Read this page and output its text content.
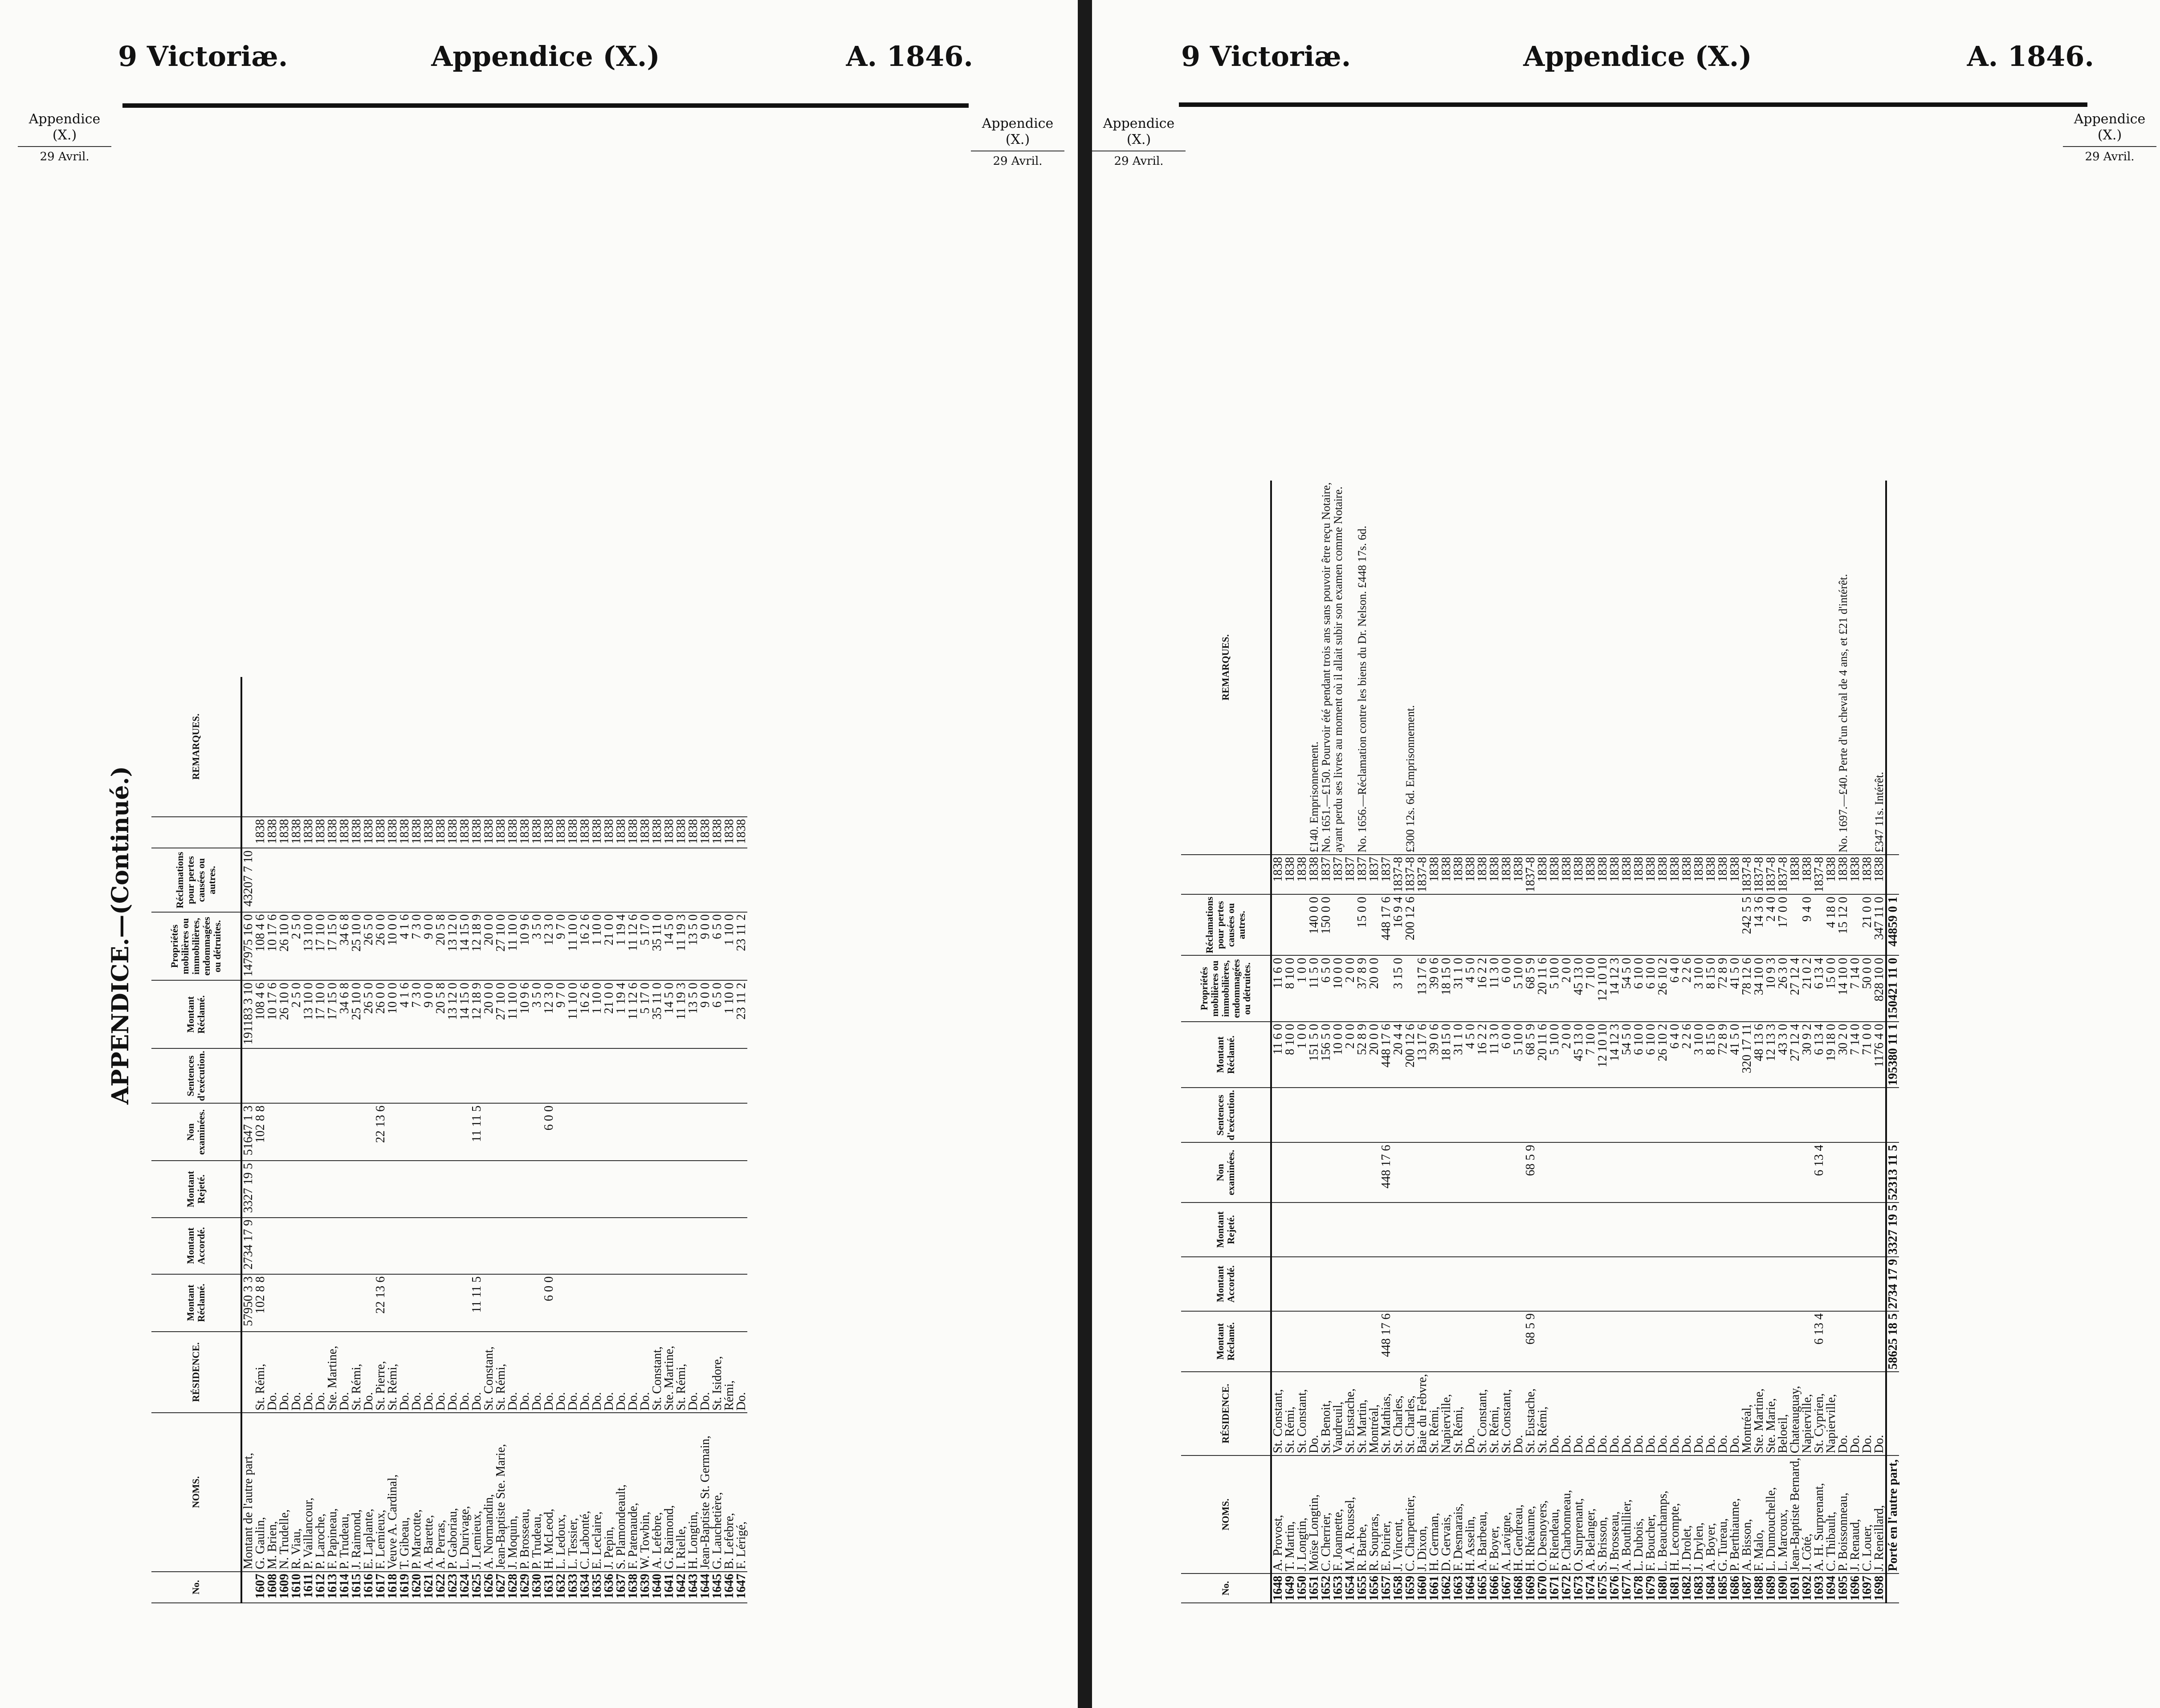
9 Victoriæ.	Appendice (X.)	A. 1846.
Appendice
(X.)
29 Avril.
Appendice
(X.)
29 Avril.
APPENDICE.—(Continué.)
No.	NOMS.	RÉSIDENCE.	Montant Réclamé.	Montant Accordé.	Montant Rejeté.	Non examinées.	Sentences d'exécution.	Montant Réclamé.	Propriétés mobilières ou immobilières, endommagées ou détruites.	Réclamations pour pertes causées ou autres.		REMARQUES.
	Montant de l'autre part,		57950 3 3	2734 17 9	3327 19 5	51647 1 3		191183 3 10	147975 16 0	43207 7 10		
1607	G. Gaulin,	St. Rémi,	102 8 8			102 8 8		108 4 6	108 4 6		1838	
1608	M. Brien,	Do.						10 17 6	10 17 6		1838	
1609	N. Trudelle,	Do.						26 10 0	26 10 0		1838	
1610	R. Viau,	Do.						2 5 0	2 5 0		1838	
1611	P. Vaillancour,	Do.						13 10 0	13 10 0		1838	
1612	P. Laroche,	Do.						17 10 0	17 10 0		1838	
1613	F. Papineau,	Ste. Martine,						17 15 0	17 15 0		1838	
1614	P. Trudeau,	Do.						34 6 8	34 6 8		1838	
1615	J. Raimond,	St. Rémi,						25 10 0	25 10 0		1838	
1616	E. Laplante,	Do.						26 5 0	26 5 0		1838	
1617	F. Lemieux,	St. Pierre,	22 13 6			22 13 6		26 0 0	26 0 0		1838	
1618	Veuve A. Cardinal,	St. Rémi,						10 0 0	10 0 0		1838	
1619	T. Gibeau,	Do.						4 1 6	4 1 6		1838	
1620	P. Marcotte,	Do.						7 3 0	7 3 0		1838	
1621	A. Barette,	Do.						9 0 0	9 0 0		1838	
1622	A. Perras,	Do.						20 5 8	20 5 8		1838	
1623	P. Gaboriau,	Do.						13 12 0	13 12 0		1838	
1624	L. Durivage,	Do.						14 15 0	14 15 0		1838	
1625	J. Lemieux,	Do.	11 11 5			11 11 5		12 18 9	12 18 9		1838	
1626	A. Normandin,	St. Constant,						20 0 0	20 0 0		1838	
1627	Jean-Baptiste Ste. Marie,	St. Rémi,						27 10 0	27 10 0		1838	
1628	J. Moquin,	Do.						11 10 0	11 10 0		1838	
1629	P. Brosseau,	Do.						10 9 6	10 9 6		1838	
1630	P. Trudeau,	Do.						3 5 0	3 5 0		1838	
1631	H. McLeod,	Do.	6 0 0			6 0 0		12 3 0	12 3 0		1838	
1632	L. Ledoux,	Do.						9 7 0	9 7 0		1838	
1633	L. Tessier,	Do.						11 10 0	11 10 0		1838	
1634	C. Labonté,	Do.						16 2 6	16 2 6		1838	
1635	E. Leclaire,	Do.						1 10 0	1 10 0		1838	
1636	J. Pepin,	Do.						21 0 0	21 0 0		1838	
1637	S. Plamondeault,	Do.						1 19 4	1 19 4		1838	
1638	F. Patenaude,	Do.						11 12 6	11 12 6		1838	
1639	W. Towbin,	Do.						5 17 0	5 17 0		1838	
1640	A. Lefebre,	St. Constant,						35 11 0	35 11 0		1838	
1641	G. Raimond,	Ste. Martine,						14 5 0	14 5 0		1838	
1642	I. Rielle,	St. Rémi,						11 19 3	11 19 3		1838	
1643	H. Longtin,	Do.						13 5 0	13 5 0		1838	
1644	Jean-Baptiste St. Germain,	Do.						9 0 0	9 0 0		1838	
1645	G. Lauchetière,	St. Isidore,						6 5 0	6 5 0		1838	
1646	B. Lefebre,	Rémi,						1 10 0	1 10 0		1838	
1647	F. Lérigé,	Do.						23 11 2	23 11 2		1838	
9 Victoriæ.	Appendice (X.)	A. 1846.
Appendice
(X.)
29 Avril.
Appendice
(X.)
29 Avril.
No.	NOMS.	RÉSIDENCE.	Montant Réclamé.	Montant Accordé.	Montant Rejeté.	Non examinées.	Sentences d'exécution.	Montant Réclamé.	Propriétés mobilières ou immobilières, endommagées ou détruites.	Réclamations pour pertes causées ou autres.		REMARQUES.
1648	A. Provost,	St. Constant,						11 6 0	11 6 0		1838	
1649	T. Martin,	St. Rémi,						8 10 0	8 10 0		1838	
1650	J. Longtin,	St. Constant,						1 0 0	1 0 0		1838	
1651	Moïse Longtin,	Do.						151 5 0	11 5 0	140 0 0	1838	£140. Emprisonnement.
1652	C. Cherrier,	St. Benoit,						156 5 0	6 5 0	150 0 0	1837	No. 1651.—£150. Pourvoir été pendant trois ans sans pouvoir être reçu Notaire,
1653	F. Joannette,	Vaudreuil,						10 0 0	10 0 0		1837	ayant perdu ses livres au moment où il allait subir son examen comme Notaire.
1654	M. A. Roussel,	St. Eustache,						2 0 0	2 0 0		1837	
1655	R. Barbe,	St. Martin,						52 8 9	37 8 9	15 0 0	1837	No. 1656.—Réclamation contre les biens du Dr. Nelson. £448 17s. 6d.
1656	R. Soupras,	Montréal,						20 0 0	20 0 0		1837	
1657	E. Poirier,	St. Mathias,	448 17 6			448 17 6		448 17 6		448 17 6	1837	
1658	J. Vincent,	St. Charles,						20 4 4	3 15 0	16 9 4	1837-8	
1659	C. Charpentier,	St. Charles,						200 12 6		200 12 6	1837-8	£300 12s. 6d. Emprisonnement.
1660	J. Dixon,	Baie du Febvre,						13 17 6	13 17 6		1837-8	
1661	H. German,	St. Rémi,						39 0 6	39 0 6		1838	
1662	D. Gervais,	Napierville,						18 15 0	18 15 0		1838	
1663	F. Desmarais,	St. Rémi,						31 1 0	31 1 0		1838	
1664	H. Asselin,	Do.						4 5 0	4 5 0		1838	
1665	A. Barbeau,	St. Constant,						16 2 2	16 2 2		1838	
1666	F. Boyer,	St. Rémi,						11 3 0	11 3 0		1838	
1667	A. Lavigne,	St. Constant,						6 0 0	6 0 0		1838	
1668	H. Gendreau,	Do.						5 10 0	5 10 0		1838	
1669	H. Rhéaume,	St. Eustache,	68 5 9			68 5 9		68 5 9	68 5 9		1837-8	
1670	O. Desnoyers,	St. Rémi,						20 11 6	20 11 6		1838	
1671	F. Riendeau,	Do.						5 10 0	5 10 0		1838	
1672	P. Charbonneau,	Do.						2 0 0	2 0 0		1838	
1673	O. Surprenant,	Do.						45 13 0	45 13 0		1838	
1674	A. Belanger,	Do.						7 10 0	7 10 0		1838	
1675	S. Brisson,	Do.						12 10 10	12 10 10		1838	
1676	J. Brosseau,	Do.						14 12 3	14 12 3		1838	
1677	A. Bouthillier,	Do.						54 5 0	54 5 0		1838	
1678	L. Dubois,	Do.						6 10 0	6 10 0		1838	
1679	F. Boucher,	Do.						6 10 0	6 10 0		1838	
1680	L. Beauchamps,	Do.						26 10 2	26 10 2		1838	
1681	H. Lecompte,	Do.						6 4 0	6 4 0		1838	
1682	J. Drolet,	Do.						2 2 6	2 2 6		1838	
1683	J. Drylen,	Do.						3 10 0	3 10 0		1838	
1684	A. Boyer,	Do.						8 15 0	8 15 0		1838	
1685	G. Tureau,	Do.						72 8 9	72 8 9		1838	
1686	P. Berthiaume,	Do.						41 5 0	41 5 0		1838	
1687	A. Bisson,	Montréal,						320 17 11	78 12 6	242 5 5	1837-8	
1688	F. Malo,	Ste. Martine,						48 13 6	34 10 0	14 3 6	1837-8	
1689	L. Dumouchelle,	Ste. Marie,						12 13 3	10 9 3	2 4 0	1837-8	
1690	L. Marcoux,	Beloeil,						43 3 0	26 3 0	17 0 0	1837-8	
1691	Jean-Baptiste Bernard,	Chateauguay,						27 12 4	27 12 4		1838	
1692	J. Côté,	Napierville,						30 9 2	21 0 2	9 4 0	1838	
1693	A. H. Surprenant,	St. Cyprien,	6 13 4			6 13 4		6 13 4	6 13 4		1837-8	
1694	C. Thibault,	Napierville,						19 18 0	15 0 0	4 18 0	1838	
1695	P. Boissonneau,	Do.						30 2 0	14 10 0	15 12 0	1838	No. 1697.—£40. Perte d'un cheval de 4 ans, et £21 d'intérêt.
1696	J. Renaud,	Do.						7 14 0	7 14 0		1838	
1697	C. Louer,	Do.						71 0 0	50 0 0	21 0 0	1838	
1698	J. Reneillard,	Do.						1176 4 0	828 10 0	347 11 0	1838	£347 11s. Intérêt.
	Porté en l'autre part,		58625 18 5	2734 17 9	3327 19 5	52313 11 5		195380 11 1	150421 11 0	44859 0 1		
